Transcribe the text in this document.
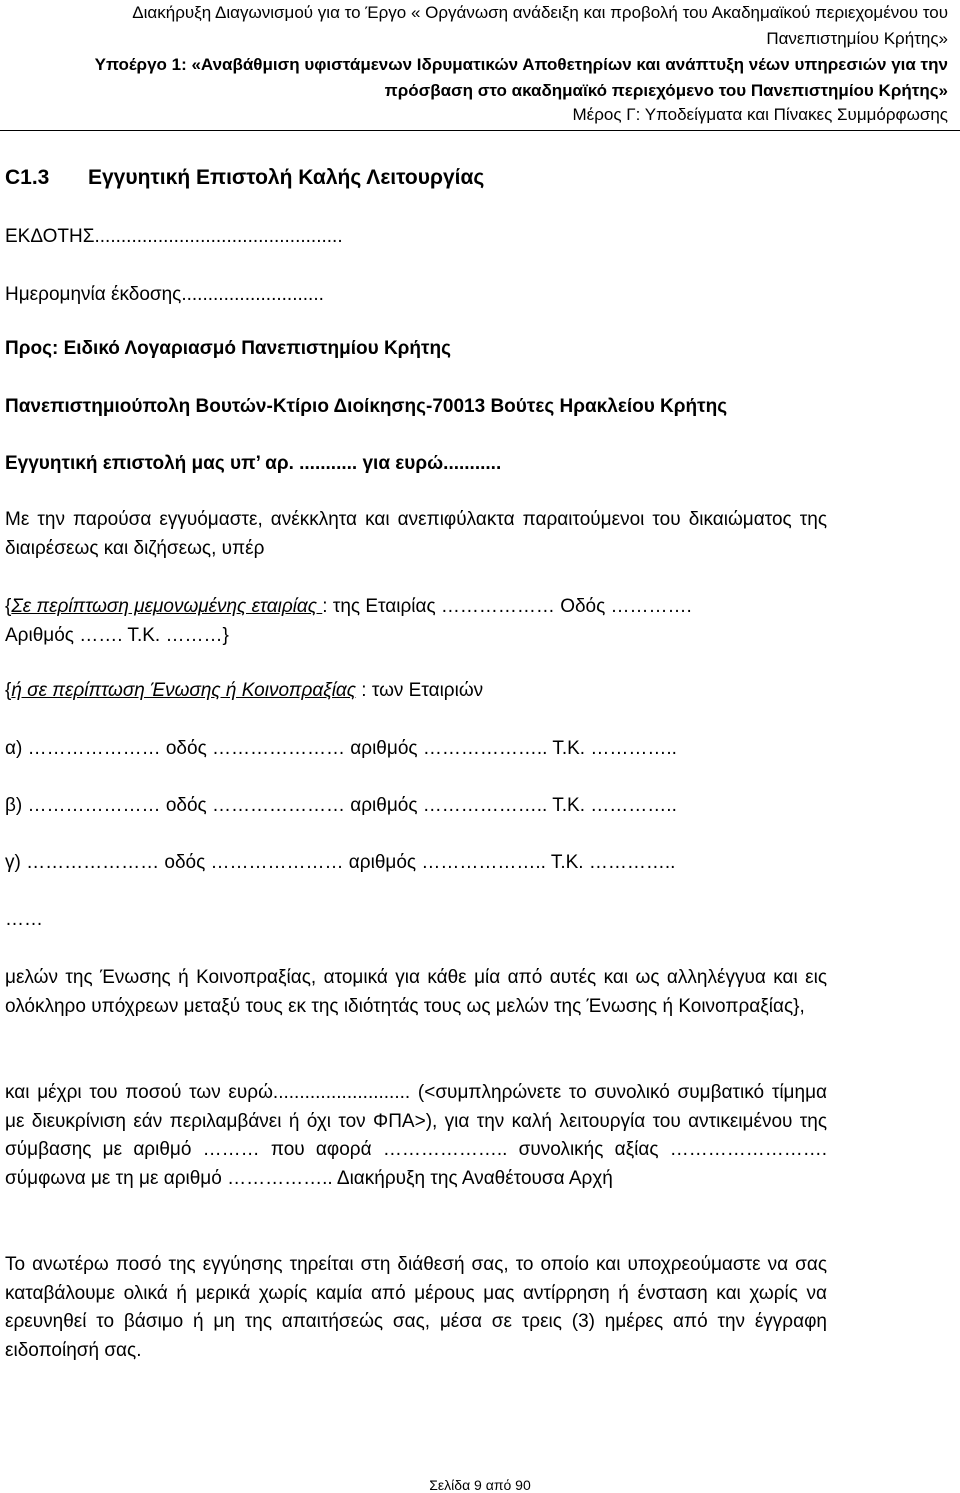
Διακήρυξη Διαγωνισμού για το Έργο « Οργάνωση ανάδειξη και προβολή του Ακαδημαϊκού περιεχομένου του
Πανεπιστημίου Κρήτης»
Υποέργο 1: «Αναβάθμιση υφιστάμενων Ιδρυματικών Αποθετηρίων και ανάπτυξη νέων υπηρεσιών για την
πρόσβαση στο ακαδημαϊκό περιεχόμενο του Πανεπιστημίου Κρήτης»
Μέρος Γ: Υποδείγματα και Πίνακες Συμμόρφωσης
C1.3 Εγγυητική Επιστολή Καλής Λειτουργίας
ΕΚΔΟΤΗΣ...............................................
Ημερομηνία έκδοσης...........................
Προς: Ειδικό Λογαριασμό Πανεπιστημίου Κρήτης
Πανεπιστημιούπολη Βουτών-Κτίριο Διοίκησης-70013 Βούτες Ηρακλείου Κρήτης
Εγγυητική επιστολή μας υπ’ αρ. ........... για ευρώ...........
Με την παρούσα εγγυόμαστε, ανέκκλητα και ανεπιφύλακτα παραιτούμενοι του δικαιώματος της διαιρέσεως και διζήσεως, υπέρ
{Σε περίπτωση μεμονωμένης εταιρίας : της Εταιρίας ……………… Οδός ………….
Αριθμός ……. Τ.Κ. ………}
{ή σε περίπτωση Ένωσης ή Κοινοπραξίας : των Εταιριών
α) ………………… οδός ………………… αριθμός ……………….. Τ.Κ. …………..
β) ………………… οδός ………………… αριθμός ……………….. Τ.Κ. …………..
γ) ………………… οδός ………………… αριθμός ……………….. Τ.Κ. …………..
……
μελών της Ένωσης ή Κοινοπραξίας, ατομικά για κάθε μία από αυτές και ως αλληλέγγυα και εις ολόκληρο υπόχρεων μεταξύ τους εκ της ιδιότητάς τους ως μελών της Ένωσης ή Κοινοπραξίας},
και μέχρι του ποσού των ευρώ.......................... (<συμπληρώνετε το συνολικό συμβατικό τίμημα με διευκρίνιση εάν περιλαμβάνει ή όχι τον ΦΠΑ>), για την καλή λειτουργία του αντικειμένου της σύμβασης με αριθμό ……… που αφορά ……………….. συνολικής αξίας ……………………. σύμφωνα με τη με αριθμό …………….. Διακήρυξη της Αναθέτουσα Αρχή
Το ανωτέρω ποσό της εγγύησης τηρείται στη διάθεσή σας, το οποίο και υποχρεούμαστε να σας καταβάλουμε ολικά ή μερικά χωρίς καμία από μέρους μας αντίρρηση ή ένσταση και χωρίς να ερευνηθεί το βάσιμο ή μη της απαιτήσεώς σας, μέσα σε τρεις (3) ημέρες από την έγγραφη ειδοποίησή σας.
Σελίδα 9 από 90
